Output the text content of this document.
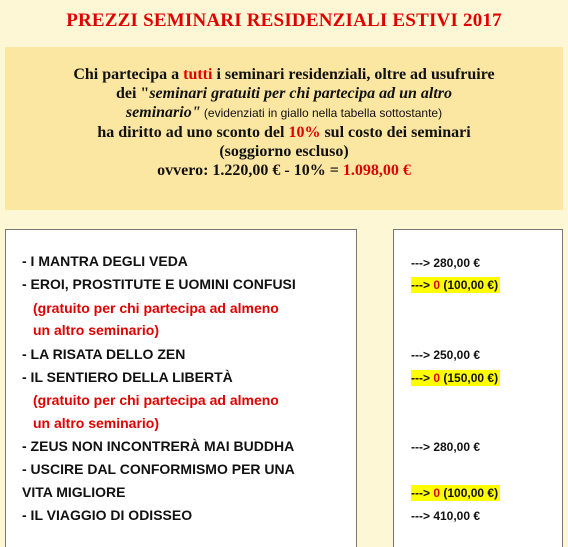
PREZZI SEMINARI RESIDENZIALI ESTIVI 2017
Chi partecipa a tutti i seminari residenziali, oltre ad usufruire
dei "seminari gratuiti per chi partecipa ad un altro
seminario" (evidenziati in giallo nella tabella sottostante)
ha diritto ad uno sconto del 10% sul costo dei seminari
(soggiorno escluso)
ovvero: 1.220,00 € - 10% = 1.098,00 €
- I MANTRA DEGLI VEDA
- EROI, PROSTITUTE E UOMINI CONFUSI
(gratuito per chi partecipa ad almeno
un altro seminario)
- LA RISATA DELLO ZEN
- IL SENTIERO DELLA LIBERTÀ
(gratuito per chi partecipa ad almeno
un altro seminario)
- ZEUS NON INCONTRERÀ MAI BUDDHA
- USCIRE DAL CONFORMISMO PER UNA
VITA MIGLIORE
- IL VIAGGIO DI ODISSEO
---> 280,00 €
---> 0 (100,00 €)
---> 250,00 €
---> 0 (150,00 €)
---> 280,00 €
---> 0 (100,00 €)
---> 410,00 €
